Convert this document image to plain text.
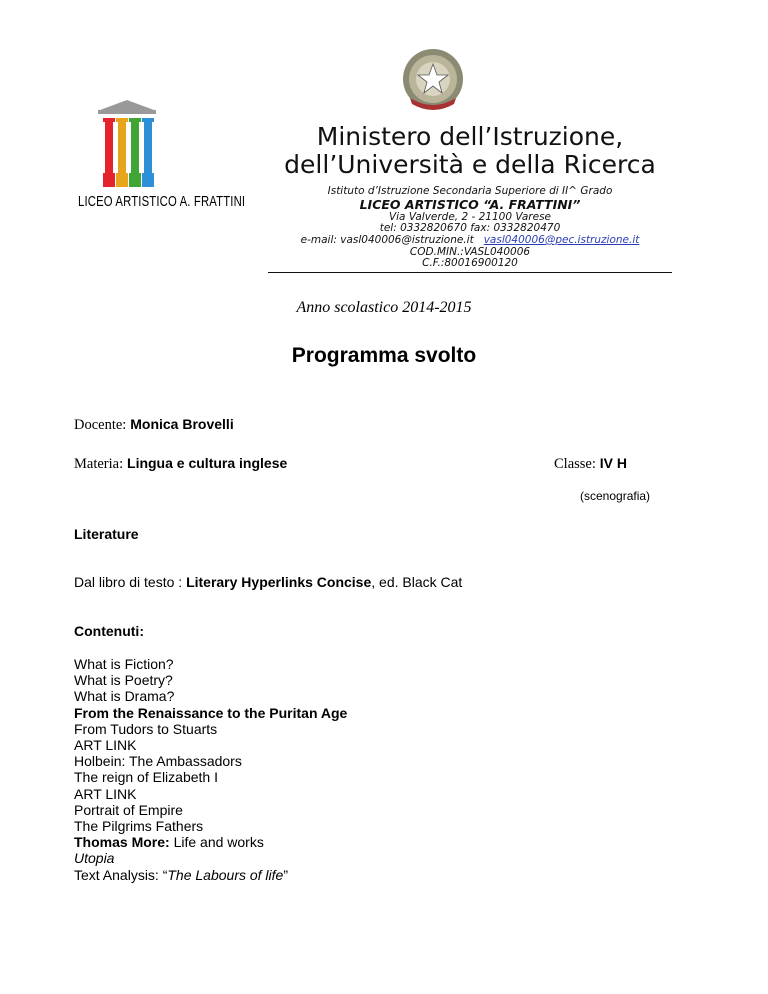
LICEO ARTISTICO A. FRATTINI
Ministero dell’Istruzione,
dell’Università e della Ricerca
Istituto d’Istruzione Secondaria Superiore di II^ Grado
LICEO ARTISTICO “A. FRATTINI”
Via Valverde, 2 - 21100 Varese
tel: 0332820670 fax: 0332820470
e-mail: vasl040006@istruzione.it vasl040006@pec.istruzione.it
COD.MIN.:VASL040006
C.F.:80016900120
Anno scolastico 2014-2015
Programma svolto
Docente: Monica Brovelli
Materia: Lingua e cultura inglese	Classe: IV H
(scenografia)
Literature
Dal libro di testo : Literary Hyperlinks Concise, ed. Black Cat
Contenuti:
What is Fiction?
What is Poetry?
What is Drama?
From the Renaissance to the Puritan Age
From Tudors to Stuarts
ART LINK
Holbein: The Ambassadors
The reign of Elizabeth I
ART LINK
Portrait of Empire
The Pilgrims Fathers
Thomas More: Life and works
Utopia
Text Analysis: “The Labours of life”
